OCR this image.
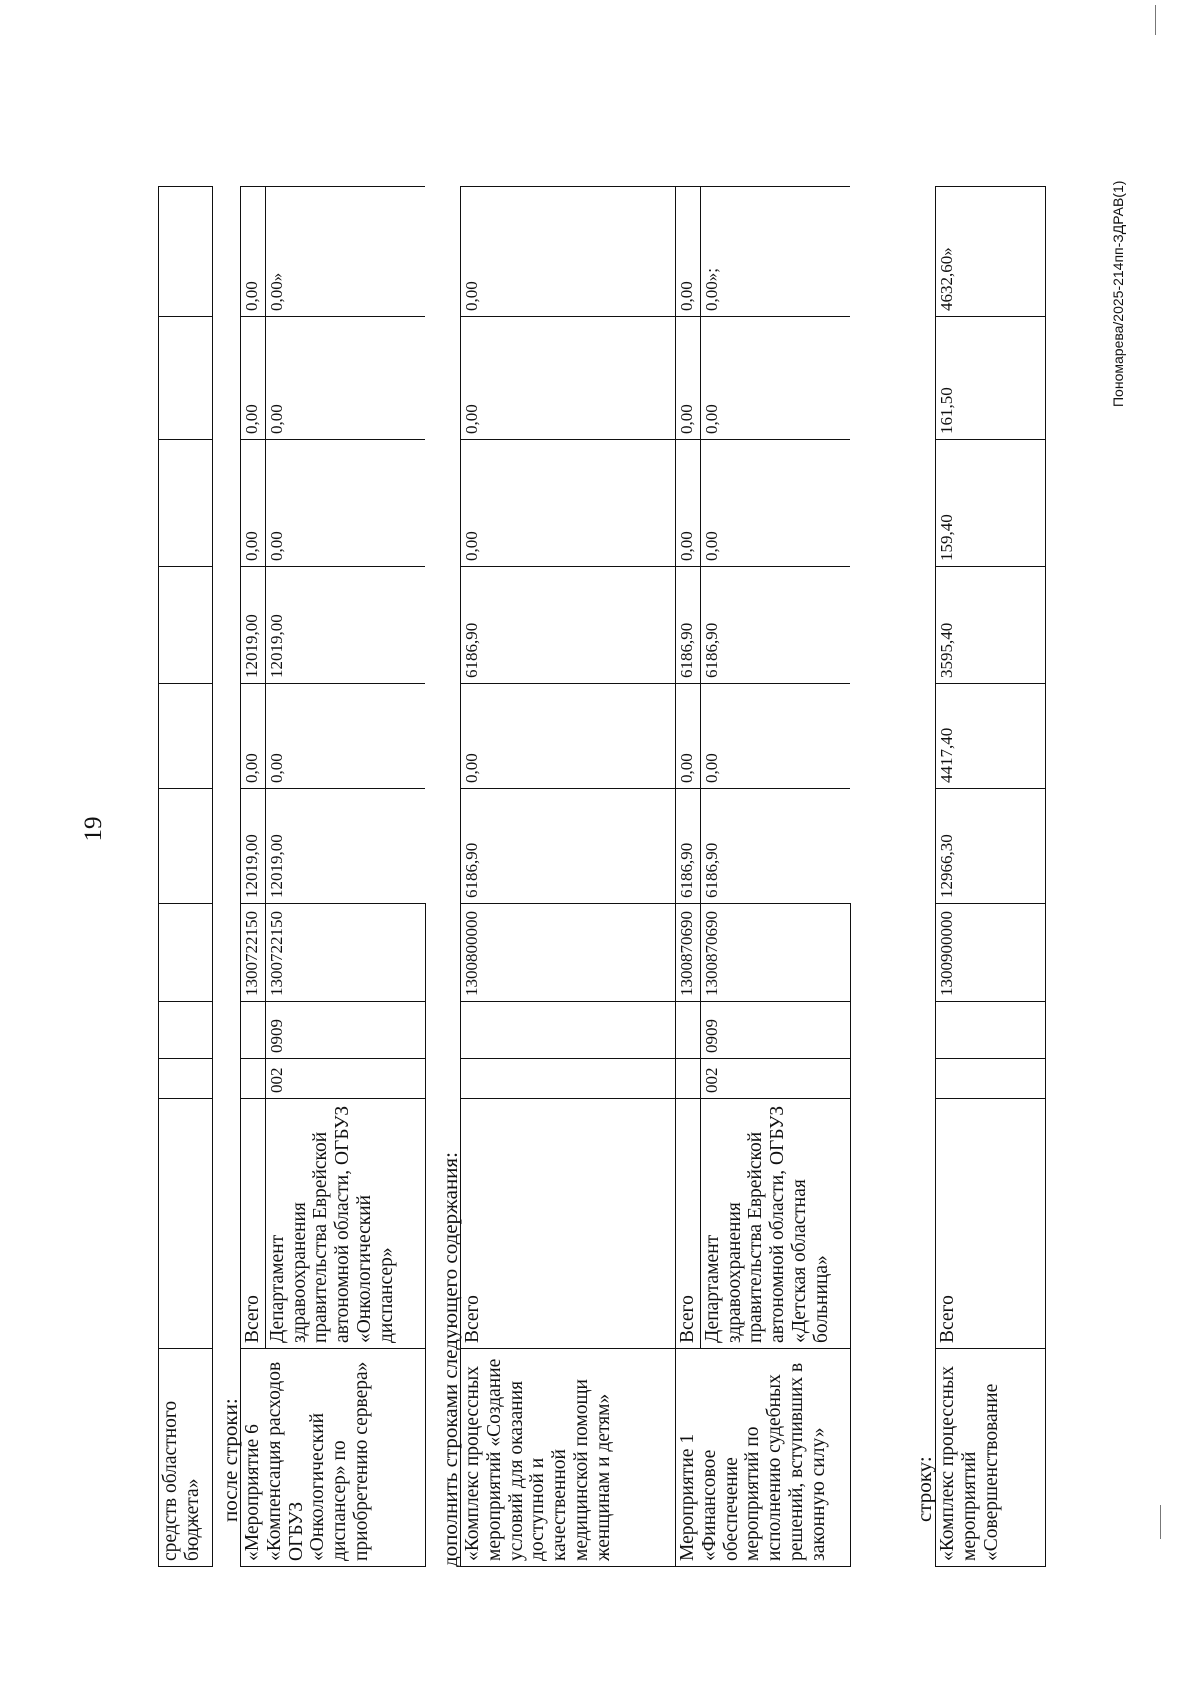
19
средств областного бюджета»										после строки: «Мероприятие 6 «Компенсация расходов ОГБУЗ «Онкологический диспансер» по приобретению сервера»	Всего			1300722150	12019,00	0,00	12019,00	0,00	0,00	0,00
	Департамент здравоохранения правительства Еврейской автономной области, ОГБУЗ «Онкологический диспансер»	002	0909	1300722150	12019,00	0,00	12019,00	0,00	0,00	0,00»
дополнить строками следующего содержания: «Комплекс процессных мероприятий «Создание условий для оказания доступной и качественной медицинской помощи женщинам и детям»	Всего			1300800000	6186,90	0,00	6186,90	0,00	0,00	0,00
Мероприятие 1 «Финансовое обеспечение мероприятий по исполнению судебных решений, вступивших в законную силу»	Всего			1300870690	6186,90	0,00	6186,90	0,00	0,00	0,00
	Департамент здравоохранения правительства Еврейской автономной области, ОГБУЗ «Детская областная больница»	002	0909	1300870690	6186,90	0,00	6186,90	0,00	0,00	0,00»;
строку: «Комплекс процессных мероприятий «Совершенствование	Всего			1300900000	12966,30	4417,40	3595,40	159,40	161,50	4632,60»	Пономарева/2025-214пп-ЗДРАВ(1)
